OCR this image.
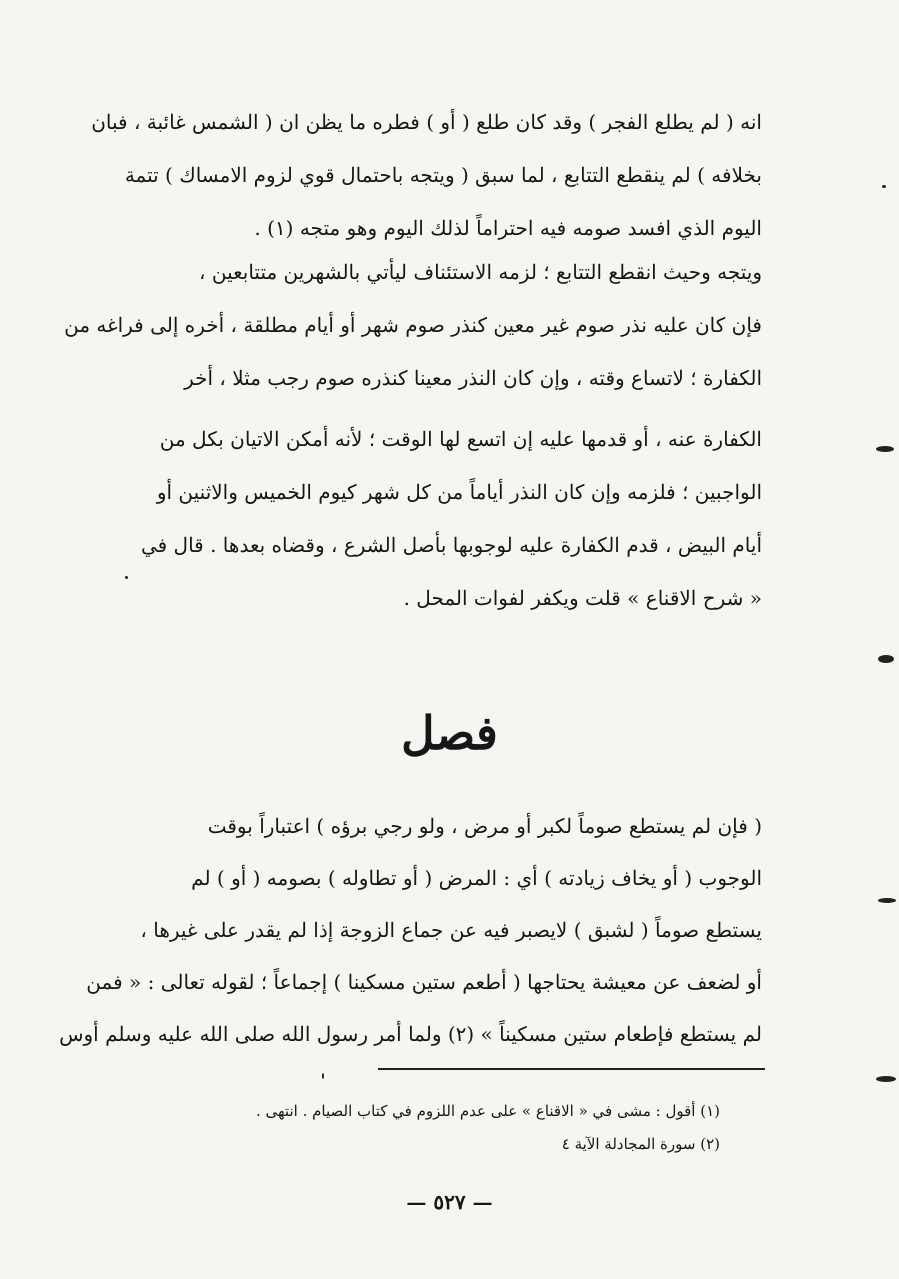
انه ( لم يطلع الفجر ) وقد كان طلع ( أو ) فطره ما يظن ان ( الشمس غائبة ، فبان
بخلافه ) لم ينقطع التتابع ، لما سبق ( ويتجه باحتمال قوي لزوم الامساك ) تتمة
اليوم الذي افسد صومه فيه احتراماً لذلك اليوم وهو متجه (١) .
ويتجه وحيث انقطع التتابع ؛ لزمه الاستئناف ليأتي بالشهرين متتابعين ،
فإن كان عليه نذر صوم غير معين كنذر صوم شهر أو أيام مطلقة ، أخره إلى فراغه من
الكفارة ؛ لاتساع وقته ، وإن كان النذر معينا كنذره صوم رجب مثلا ، أخر
الكفارة عنه ، أو قدمها عليه إن اتسع لها الوقت ؛ لأنه أمكن الاتيان بكل من
الواجبين ؛ فلزمه وإن كان النذر أياماً من كل شهر كيوم الخميس والاثنين أو
أيام البيض ، قدم الكفارة عليه لوجوبها بأصل الشرع ، وقضاه بعدها . قال في
« شرح الاقناع » قلت ويكفر لفوات المحل .
فصل
( فإن لم يستطع صوماً لكبر أو مرض ، ولو رجي برؤه ) اعتباراً بوقت
الوجوب ( أو يخاف زيادته ) أي : المرض ( أو تطاوله ) بصومه ( أو ) لم
يستطع صوماً ( لشبق ) لايصبر فيه عن جماع الزوجة إذا لم يقدر على غيرها ،
أو لضعف عن معيشة يحتاجها ( أطعم ستين مسكينا ) إجماعاً ؛ لقوله تعالى : « فمن
لم يستطع فإطعام ستين مسكيناً » (٢) ولما أمر رسول الله صلى الله عليه وسلم أوس
(١) أقول : مشى في « الاقناع » على عدم اللزوم في كتاب الصيام . انتهى .
(٢) سورة المجادلة الآية ٤
— ٥٢٧ —
